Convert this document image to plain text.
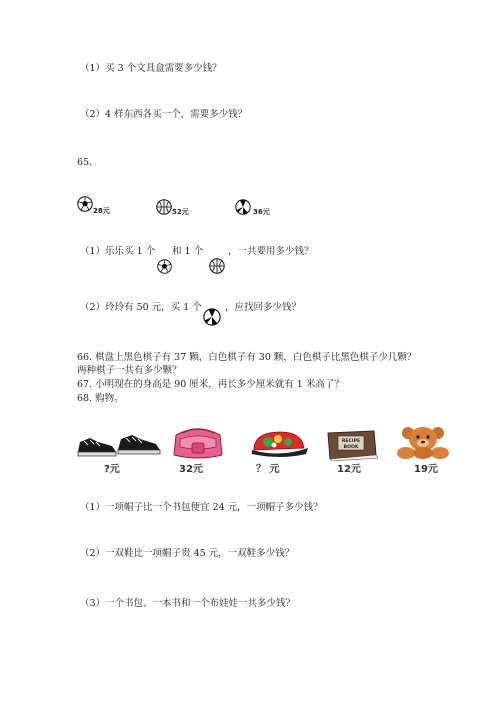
（1）买 3 个文具盒需要多少钱？
（2）4 样东西各买一个，需要多少钱？
65.
28元	52元	36元
（1）乐乐买 1 个 和 1 个	，一共要用多少钱？
（2）玲玲有 50 元，买 1 个 ，应找回多少钱？
66. 棋盘上黑色棋子有 37 颗，白色棋子有 30 颗，白色棋子比黑色棋子少几颗？
两种棋子一共有多少颗？
67. 小明现在的身高是 90 厘米，再长多少厘米就有 1 米高了？
68. 购物。
?元	32元	？ 元
RECIPE
BOOK
12元	19元
（1）一项帽子比一个书包便宜 24 元，一项帽子多少钱？
（2）一双鞋比一项帽子贵 45 元，一双鞋多少钱？
（3）一个书包、一本书和一个布娃娃一共多少钱？
